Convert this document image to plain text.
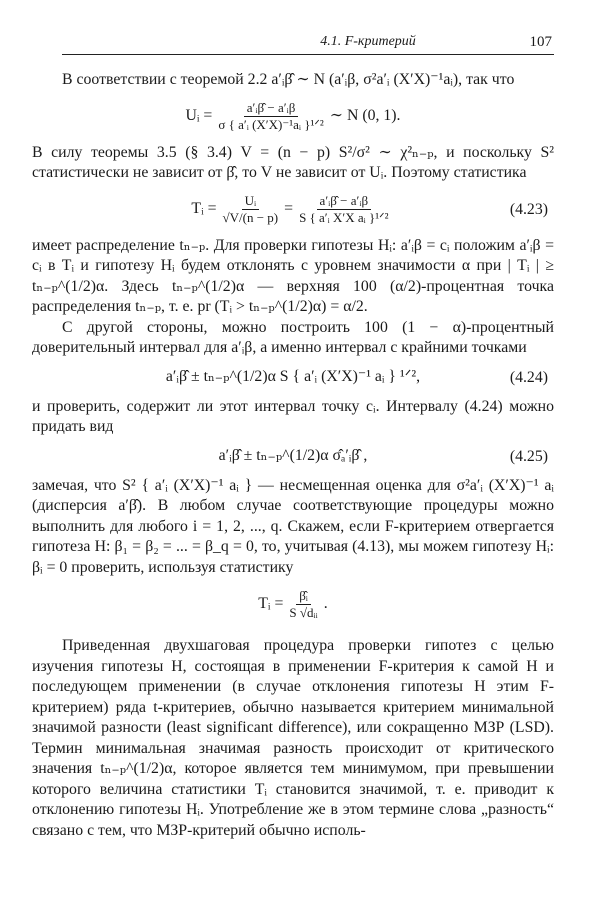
4.1. F-критерий	107

В соответствии с теоремой 2.2 a′ᵢβ̂ ∼ N (a′ᵢβ, σ²a′ᵢ (X′X)⁻¹aᵢ), так что

Uᵢ = $\frac{\text{a′ᵢβ̂ − a′ᵢβ}}{\text{σ \{ a′ᵢ (X′X)⁻¹aᵢ \}¹ᐟ²}}$ ∼ N (0, 1).

В силу теоремы 3.5 (§ 3.4) V = (n − p) S²/σ² ∼ χ²ₙ₋ₚ, и поскольку S² статистически не зависит от β̂, то V не зависит от Uᵢ. Поэтому статистика

Tᵢ = $\frac{\text{Uᵢ}}{√V/(n - p)} = \frac{\text{a′ᵢβ̂ − a′ᵢβ}}{\text{S \{ a′ᵢ X′X aᵢ \}¹ᐟ²}}$	(4.23)

имеет распределение tₙ₋ₚ. Для проверки гипотезы Hᵢ: a′ᵢβ = cᵢ положим a′ᵢβ = cᵢ в Tᵢ и гипотезу Hᵢ будем отклонять с уровнем значимости α при | Tᵢ | ≥ tₙ₋ₚ^(1/2)α. Здесь tₙ₋ₚ^(1/2)α — верхняя 100 (α/2)-процентная точка распределения tₙ₋ₚ, т. е. pr (Tᵢ > tₙ₋ₚ^(1/2)α) = α/2.

С другой стороны, можно построить 100 (1 − α)-процентный доверительный интервал для a′ᵢβ, а именно интервал с крайними точками

a′ᵢβ̂ ± tₙ₋ₚ^(1/2)α S { a′ᵢ (X′X)⁻¹ aᵢ } ¹ᐟ²,	(4.24)

и проверить, содержит ли этот интервал точку cᵢ. Интервалу (4.24) можно придать вид

a′ᵢβ̂ ± tₙ₋ₚ^(1/2)α σ̂ₐ′ᵢβ̂ ,	(4.25)

замечая, что S² { a′ᵢ (X′X)⁻¹ aᵢ } — несмещенная оценка для σ²a′ᵢ (X′X)⁻¹ aᵢ (дисперсия a′β̂). В любом случае соответствующие процедуры можно выполнить для любого i = 1, 2, ..., q. Скажем, если F-критерием отвергается гипотеза H: β₁ = β₂ = ... = β_q = 0, то, учитывая (4.13), мы можем гипотезу Hᵢ: βᵢ = 0 проверить, используя статистику

Tᵢ = $\frac{\text{β̂ᵢ}}{\text{S √dᵢᵢ}}$ .

Приведенная двухшаговая процедура проверки гипотез с целью изучения гипотезы H, состоящая в применении F-критерия к самой H и последующем применении (в случае отклонения гипотезы H этим F-критерием) ряда t-критериев, обычно называется критерием минимальной значимой разности (least significant difference), или сокращенно МЗР (LSD). Термин минимальная значимая разность происходит от критического значения tₙ₋ₚ^(1/2)α, которое является тем минимумом, при превышении которого величина статистики Tᵢ становится значимой, т. е. приводит к отклонению гипотезы Hᵢ. Употребление же в этом термине слова „разность“ связано с тем, что МЗР-критерий обычно исполь-
